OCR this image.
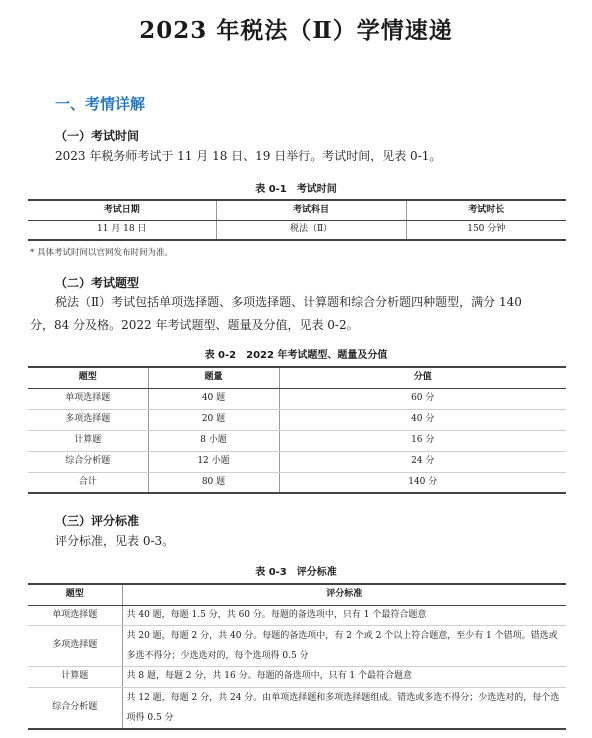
2023 年税法（Ⅱ）学情速递
一、考情详解
（一）考试时间
2023 年税务师考试于 11 月 18 日、19 日举行。考试时间，见表 0-1。
表 0-1　考试时间
考试日期	考试科目	考试时长
11 月 18 日	税法（Ⅱ）	150 分钟
* 具体考试时间以官网发布时间为准。
（二）考试题型
税法（Ⅱ）考试包括单项选择题、多项选择题、计算题和综合分析题四种题型，满分 140
分，84 分及格。2022 年考试题型、题量及分值，见表 0-2。
表 0-2　2022 年考试题型、题量及分值
题型	题量	分值
单项选择题	40 题	60 分
多项选择题	20 题	40 分
计算题	8 小题	16 分
综合分析题	12 小题	24 分
合计	80 题	140 分
（三）评分标准
评分标准，见表 0-3。
表 0-3　评分标准
题型	评分标准
单项选择题	共 40 题，每题 1.5 分，共 60 分。每题的备选项中，只有 1 个最符合题意
多项选择题	共 20 题，每题 2 分，共 40 分。每题的备选项中，有 2 个或 2 个以上符合题意，至少有 1 个错项。错选或多选不得分；少选选对的，每个选项得 0.5 分
计算题	共 8 题，每题 2 分，共 16 分。每题的备选项中，只有 1 个最符合题意
综合分析题	共 12 题，每题 2 分，共 24 分。由单项选择题和多项选择题组成。错选或多选不得分；少选选对的，每个选项得 0.5 分
